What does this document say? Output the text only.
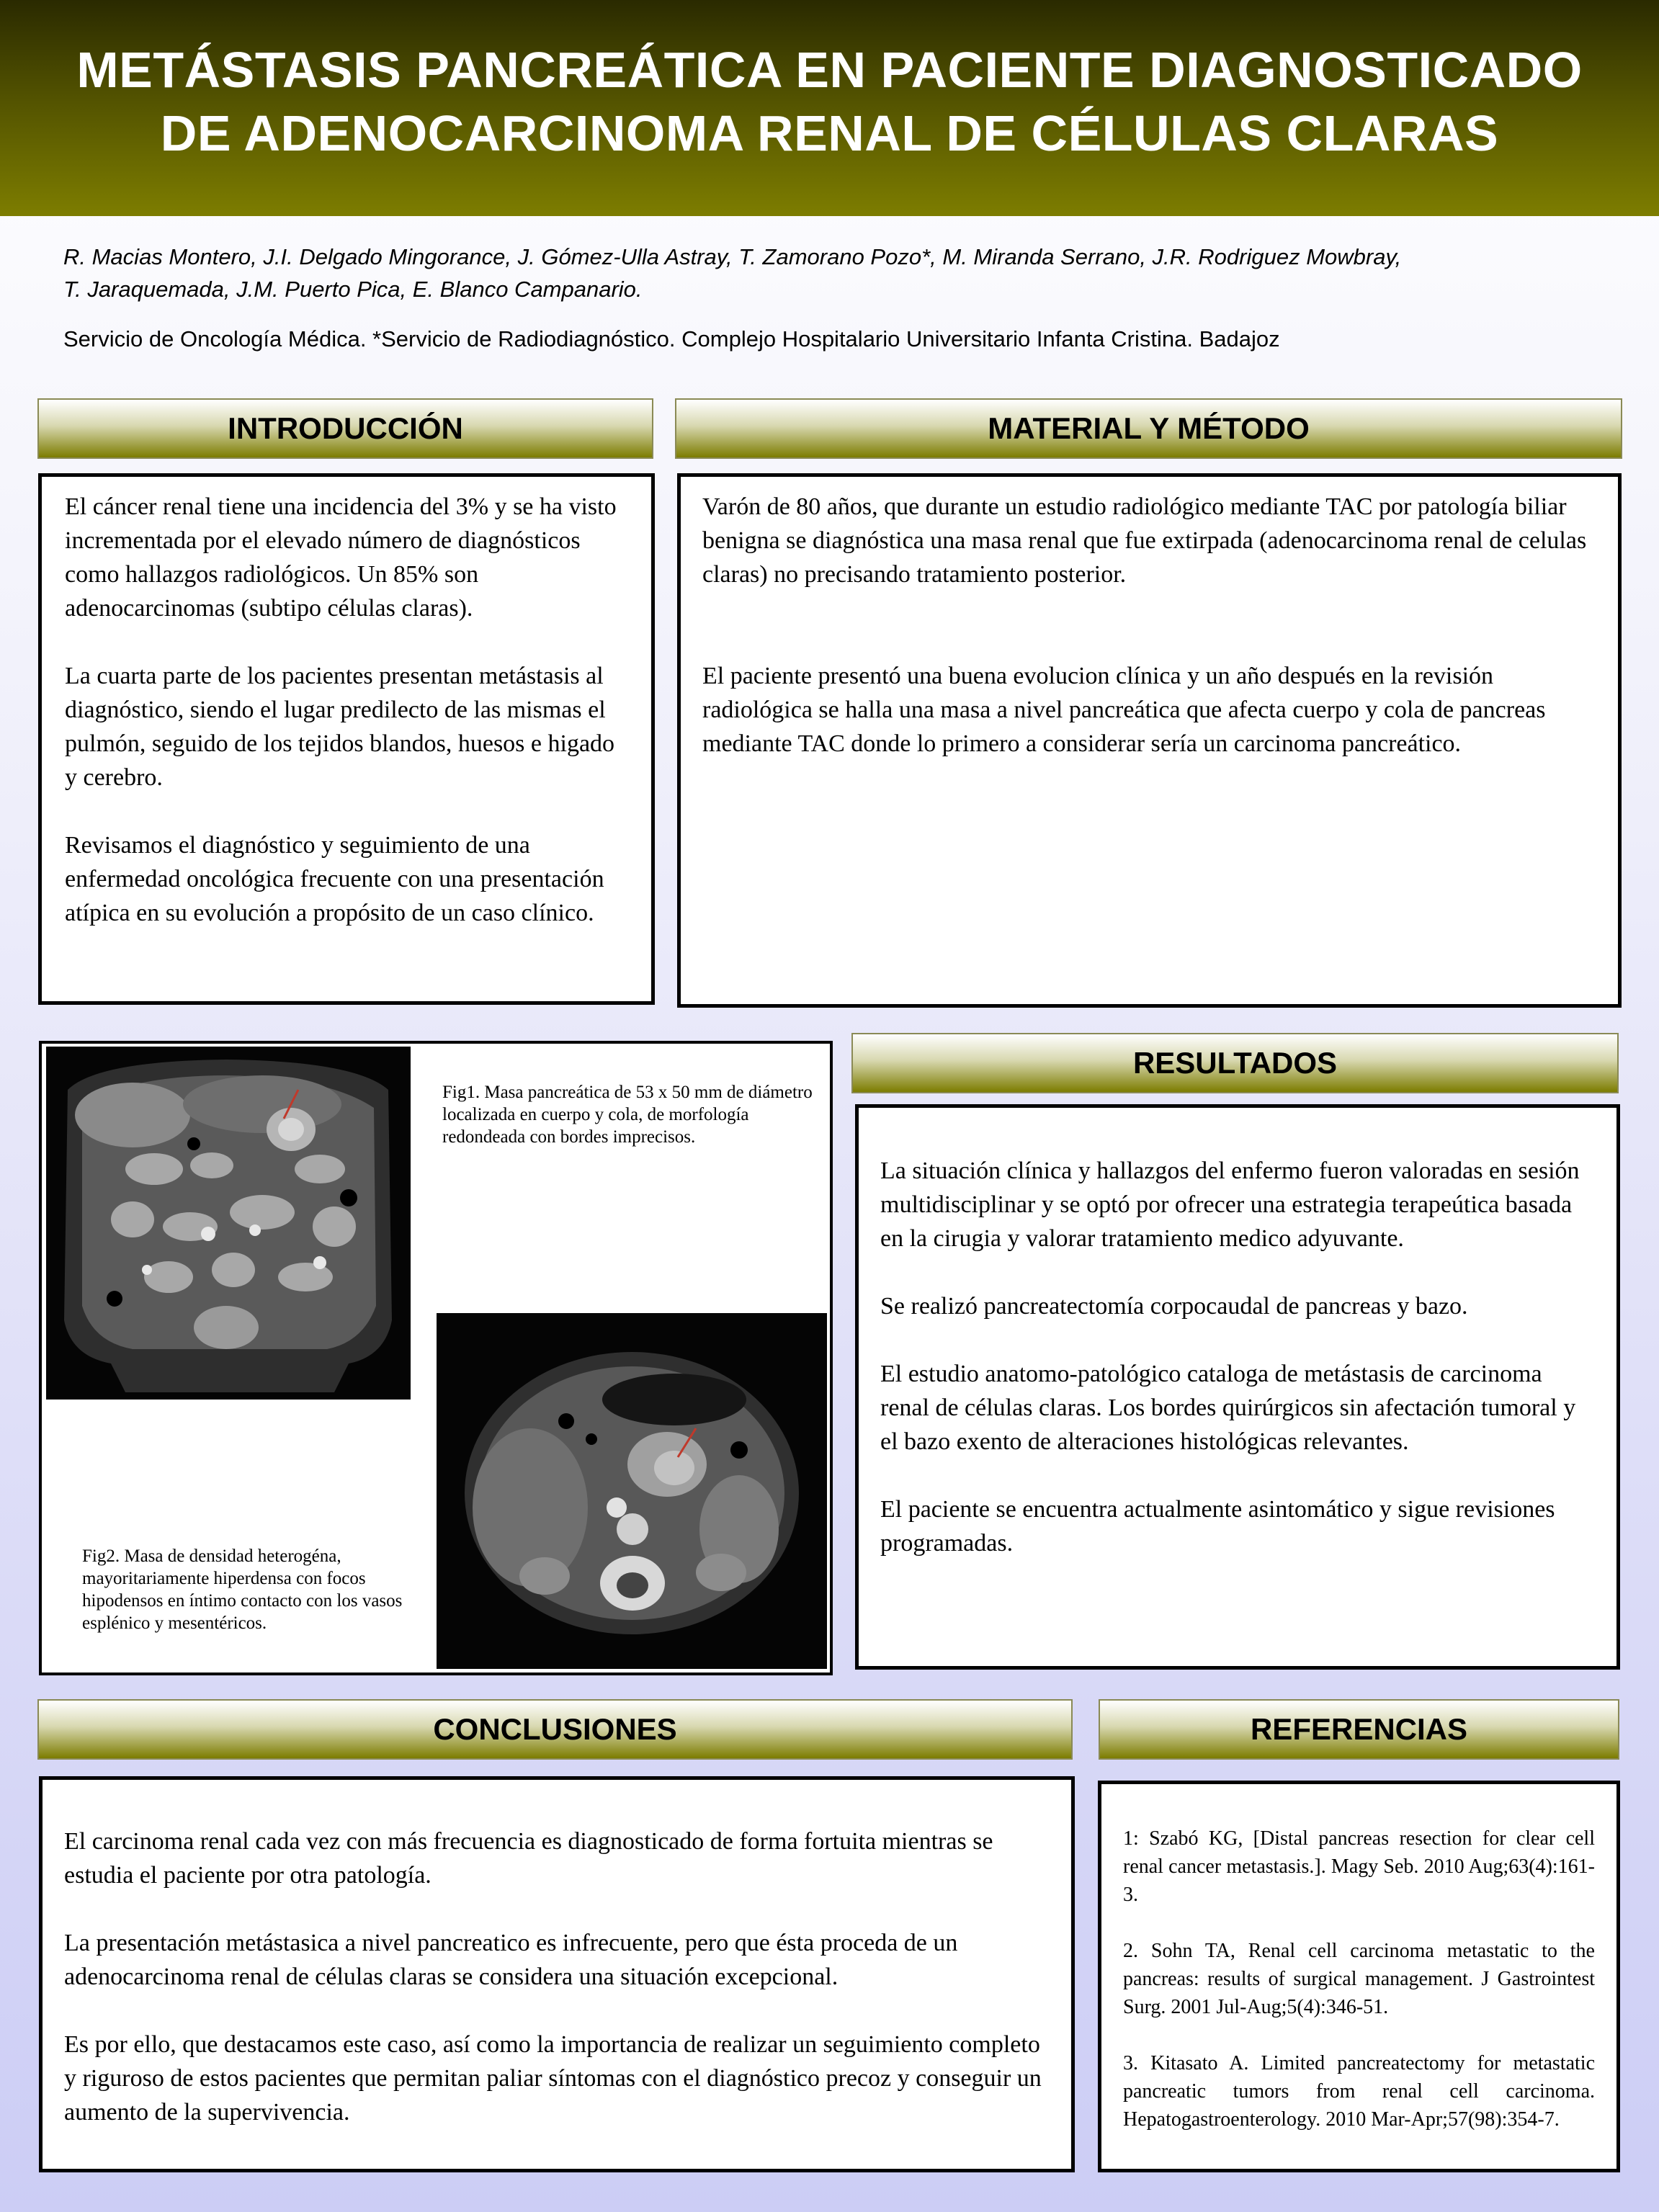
METÁSTASIS PANCREÁTICA EN PACIENTE DIAGNOSTICADO
DE ADENOCARCINOMA RENAL DE CÉLULAS CLARAS
R. Macias Montero, J.I. Delgado Mingorance, J. Gómez-Ulla Astray, T. Zamorano Pozo*, M. Miranda Serrano, J.R. Rodriguez Mowbray,
T. Jaraquemada, J.M. Puerto Pica, E. Blanco Campanario.
Servicio de Oncología Médica. *Servicio de Radiodiagnóstico. Complejo Hospitalario Universitario Infanta Cristina. Badajoz
INTRODUCCIÓN

El cáncer renal tiene una incidencia del 3% y se ha visto incrementada por el elevado número de diagnósticos como hallazgos radiológicos. Un 85% son adenocarcinomas (subtipo células claras).

La cuarta parte de los pacientes presentan metástasis al diagnóstico, siendo el lugar predilecto de las mismas el pulmón, seguido de los tejidos blandos, huesos e higado y cerebro.

Revisamos el diagnóstico y seguimiento de una enfermedad oncológica frecuente con una presentación atípica en su evolución a propósito de un caso clínico.

MATERIAL Y MÉTODO

Varón de 80 años, que durante un estudio radiológico mediante TAC por patología biliar benigna se diagnóstica una masa renal que fue extirpada (adenocarcinoma renal de celulas claras) no precisando tratamiento posterior.

El paciente presentó una buena evolucion clínica y un año después en la revisión radiológica se halla una masa a nivel pancreática que afecta cuerpo y cola de pancreas mediante TAC donde lo primero a considerar sería un carcinoma pancreático.

Fig1. Masa pancreática de 53 x 50 mm de diámetro localizada en cuerpo y cola, de morfología redondeada con bordes imprecisos.
Fig2. Masa de densidad heterogéna, mayoritariamente hiperdensa con focos hipodensos en íntimo contacto con los vasos esplénico y mesentéricos.
RESULTADOS

La situación clínica y hallazgos del enfermo fueron valoradas en sesión multidisciplinar y se optó por ofrecer una estrategia terapeútica basada en la cirugia y valorar tratamiento medico adyuvante.

Se realizó pancreatectomía corpocaudal de pancreas y bazo.

El estudio anatomo-patológico cataloga de metástasis de carcinoma renal de células claras. Los bordes quirúrgicos sin afectación tumoral y el bazo exento de alteraciones histológicas relevantes.

El paciente se encuentra actualmente asintomático y sigue revisiones programadas.

CONCLUSIONES

El carcinoma renal cada vez con más frecuencia es diagnosticado de forma fortuita mientras se estudia el paciente por otra patología.

La presentación metástasica a nivel pancreatico es infrecuente, pero que ésta proceda de un adenocarcinoma renal de células claras se considera una situación excepcional.

Es por ello, que destacamos este caso, así como la importancia de realizar un seguimiento completo y riguroso de estos pacientes que permitan paliar síntomas con el diagnóstico precoz y conseguir un aumento de la supervivencia.

REFERENCIAS

1: Szabó KG, [Distal pancreas resection for clear cell renal cancer metastasis.]. Magy Seb. 2010 Aug;63(4):161-3.

2. Sohn TA, Renal cell carcinoma metastatic to the pancreas: results of surgical management. J Gastrointest Surg. 2001 Jul-Aug;5(4):346-51.

3. Kitasato A. Limited pancreatectomy for metastatic pancreatic tumors from renal cell carcinoma. Hepatogastroenterology. 2010 Mar-Apr;57(98):354-7.
